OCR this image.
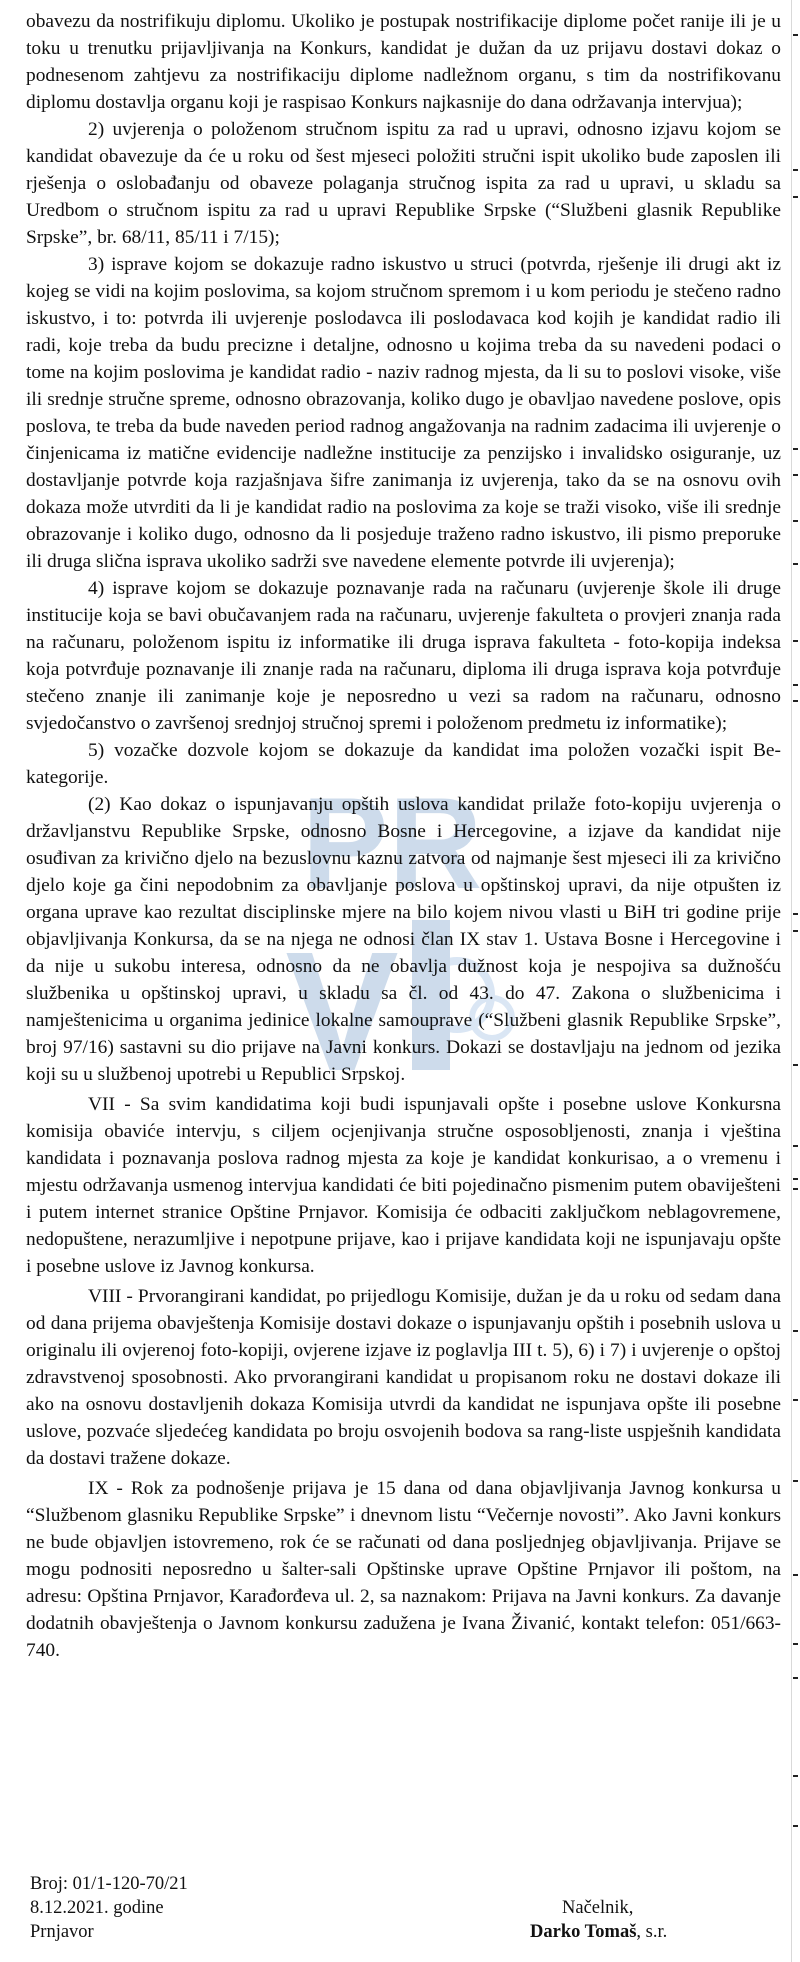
PR
V

obavezu da nostrifikuju diplomu. Ukoliko je postupak nostrifikacije diplome počet ranije ili je u toku u trenutku prijavljivanja na Konkurs, kandidat je dužan da uz prijavu dostavi dokaz o podnesenom zahtjevu za nostrifikaciju diplome nadležnom organu, s tim da nostrifikovanu diplomu dostavlja organu koji je raspisao Konkurs najkasnije do dana održavanja intervjua);

2) uvjerenja o položenom stručnom ispitu za rad u upravi, odnosno izjavu kojom se kandidat obavezuje da će u roku od šest mjeseci položiti stručni ispit ukoliko bude zaposlen ili rješenja o oslobađanju od obaveze polaganja stručnog ispita za rad u upravi, u skladu sa Uredbom o stručnom ispitu za rad u upravi Republike Srpske (“Službeni glasnik Republike Srpske”, br. 68/11, 85/11 i 7/15);

3) isprave kojom se dokazuje radno iskustvo u struci (potvrda, rješenje ili drugi akt iz kojeg se vidi na kojim poslovima, sa kojom stručnom spremom i u kom periodu je stečeno radno iskustvo, i to: potvrda ili uvjerenje poslodavca ili poslodavaca kod kojih je kandidat radio ili radi, koje treba da budu precizne i detaljne, odnosno u kojima treba da su navedeni podaci o tome na kojim poslovima je kandidat radio - naziv radnog mjesta, da li su to poslovi visoke, više ili srednje stručne spreme, odnosno obrazovanja, koliko dugo je obavljao navedene poslove, opis poslova, te treba da bude naveden period radnog angažovanja na radnim zadacima ili uvjerenje o činjenicama iz matične evidencije nadležne institucije za penzijsko i invalidsko osiguranje, uz dostavljanje potvrde koja razjašnjava šifre zanimanja iz uvjerenja, tako da se na osnovu ovih dokaza može utvrditi da li je kandidat radio na poslovima za koje se traži visoko, više ili srednje obrazovanje i koliko dugo, odnosno da li posjeduje traženo radno iskustvo, ili pismo preporuke ili druga slična isprava ukoliko sadrži sve navedene elemente potvrde ili uvjerenja);

4) isprave kojom se dokazuje poznavanje rada na računaru (uvjerenje škole ili druge institucije koja se bavi obučavanjem rada na računaru, uvjerenje fakulteta o provjeri znanja rada na računaru, položenom ispitu iz informatike ili druga isprava fakulteta - foto-kopija indeksa koja potvrđuje poznavanje ili znanje rada na računaru, diploma ili druga isprava koja potvrđuje stečeno znanje ili zanimanje koje je neposredno u vezi sa radom na računaru, odnosno svjedočanstvo o završenoj srednjoj stručnoj spremi i položenom predmetu iz informatike);

5) vozačke dozvole kojom se dokazuje da kandidat ima položen vozački ispit Be-kategorije.

(2) Kao dokaz o ispunjavanju opštih uslova kandidat prilaže foto-kopiju uvjerenja o državljanstvu Republike Srpske, odnosno Bosne i Hercegovine, a izjave da kandidat nije osuđivan za krivično djelo na bezuslovnu kaznu zatvora od najmanje šest mjeseci ili za krivično djelo koje ga čini nepodobnim za obavljanje poslova u opštinskoj upravi, da nije otpušten iz organa uprave kao rezultat disciplinske mjere na bilo kojem nivou vlasti u BiH tri godine prije objavljivanja Konkursa, da se na njega ne odnosi član IX stav 1. Ustava Bosne i Hercegovine i da nije u sukobu interesa, odnosno da ne obavlja dužnost koja je nespojiva sa dužnošću službenika u opštinskoj upravi, u skladu sa čl. od 43. do 47. Zakona o službenicima i namještenicima u organima jedinice lokalne samouprave (“Službeni glasnik Republike Srpske”, broj 97/16) sastavni su dio prijave na Javni konkurs. Dokazi se dostavljaju na jednom od jezika koji su u službenoj upotrebi u Republici Srpskoj.

VII - Sa svim kandidatima koji budi ispunjavali opšte i posebne uslove Konkursna komisija obaviće intervju, s ciljem ocjenjivanja stručne osposobljenosti, znanja i vještina kandidata i poznavanja poslova radnog mjesta za koje je kandidat konkurisao, a o vremenu i mjestu održavanja usmenog intervjua kandidati će biti pojedinačno pismenim putem obaviješteni i putem internet stranice Opštine Prnjavor. Komisija će odbaciti zaključkom neblagovremene, nedopuštene, nerazumljive i nepotpune prijave, kao i prijave kandidata koji ne ispunjavaju opšte i posebne uslove iz Javnog konkursa.

VIII - Prvorangirani kandidat, po prijedlogu Komisije, dužan je da u roku od sedam dana od dana prijema obavještenja Komisije dostavi dokaze o ispunjavanju opštih i posebnih uslova u originalu ili ovjerenoj foto-kopiji, ovjerene izjave iz poglavlja III t. 5), 6) i 7) i uvjerenje o opštoj zdravstvenoj sposobnosti. Ako prvorangirani kandidat u propisanom roku ne dostavi dokaze ili ako na osnovu dostavljenih dokaza Komisija utvrdi da kandidat ne ispunjava opšte ili posebne uslove, pozvaće sljedećeg kandidata po broju osvojenih bodova sa rang-liste uspješnih kandidata da dostavi tražene dokaze.

IX - Rok za podnošenje prijava je 15 dana od dana objavljivanja Javnog konkursa u “Službenom glasniku Republike Srpske” i dnevnom listu “Večernje novosti”. Ako Javni konkurs ne bude objavljen istovremeno, rok će se računati od dana posljednjeg objavljivanja. Prijave se mogu podnositi neposredno u šalter-sali Opštinske uprave Opštine Prnjavor ili poštom, na adresu: Opština Prnjavor, Karađorđeva ul. 2, sa naznakom: Prijava na Javni konkurs. Za davanje dodatnih obavještenja o Javnom konkursu zadužena je Ivana Živanić, kontakt telefon: 051/663-740.

Broj: 01/1-120-70/21
8.12.2021. godine
Prnjavor
Načelnik,
Darko Tomaš, s.r.
